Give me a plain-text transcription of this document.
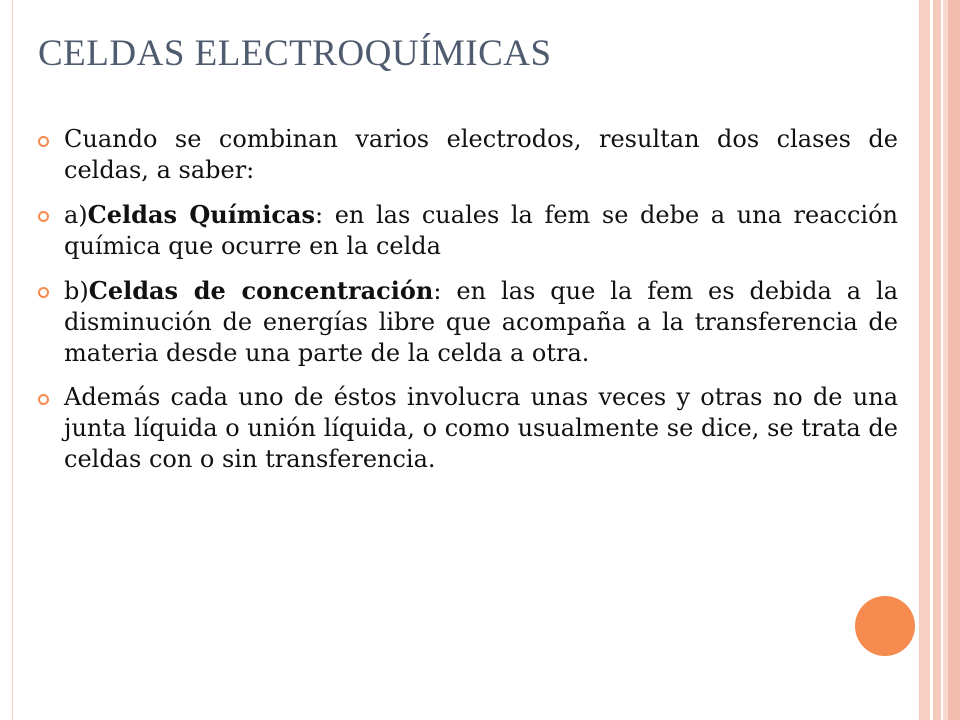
CELDAS ELECTROQUÍMICAS
Cuando se combinan varios electrodos, resultan dos clases de celdas, a saber:
a)Celdas Químicas: en las cuales la fem se debe a una reacción química que ocurre en la celda
b)Celdas de concentración: en las que la fem es debida a la disminución de energías libre que acompaña a la transferencia de materia desde una parte de la celda a otra.
Además cada uno de éstos involucra unas veces y otras no de una junta líquida o unión líquida, o como usualmente se dice, se trata de celdas con o sin transferencia.
